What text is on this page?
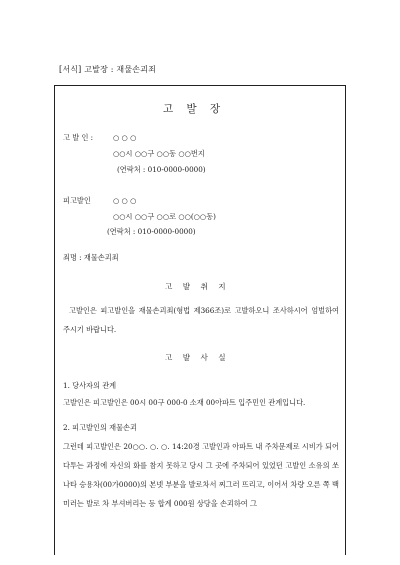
[서식] 고발장 : 재물손괴죄
고 발 장
고 발 인 :	○ ○ ○
○○시 ○○구 ○○동 ○○번지
(연락처 : 010-0000-0000)
피고발인	○ ○ ○
○○시 ○○구 ○○로 ○○(○○동)
(연락처 : 010-0000-0000)
죄명 : 재물손괴죄
고 발 취 지
고발인은 피고발인을 재물손괴죄(형법 제366조)로 고발하오니 조사하시어 엄벌하여 주시기 바랍니다.
고 발 사 실
1. 당사자의 관계
고발인은 피고발인은 00시 00구 000-0 소재 00아파트 입주민인 관계입니다.
2. 피고발인의 재물손괴
그런데 피고발인은 20○○. ○. ○. 14:20경 고발인과 아파트 내 주차문제로 시비가 되어 다투는 과정에 자신의 화를 참지 못하고 당시 그 곳에 주차되어 있었던 고발인 소유의 쏘나타 승용차(00가0000)의 본넷 부분을 발로차서 찌그러 뜨리고, 이어서 차량 오른 쪽 백미러는 발로 차 부셔버리는 등 합계 000원 상당을 손괴하여 그
